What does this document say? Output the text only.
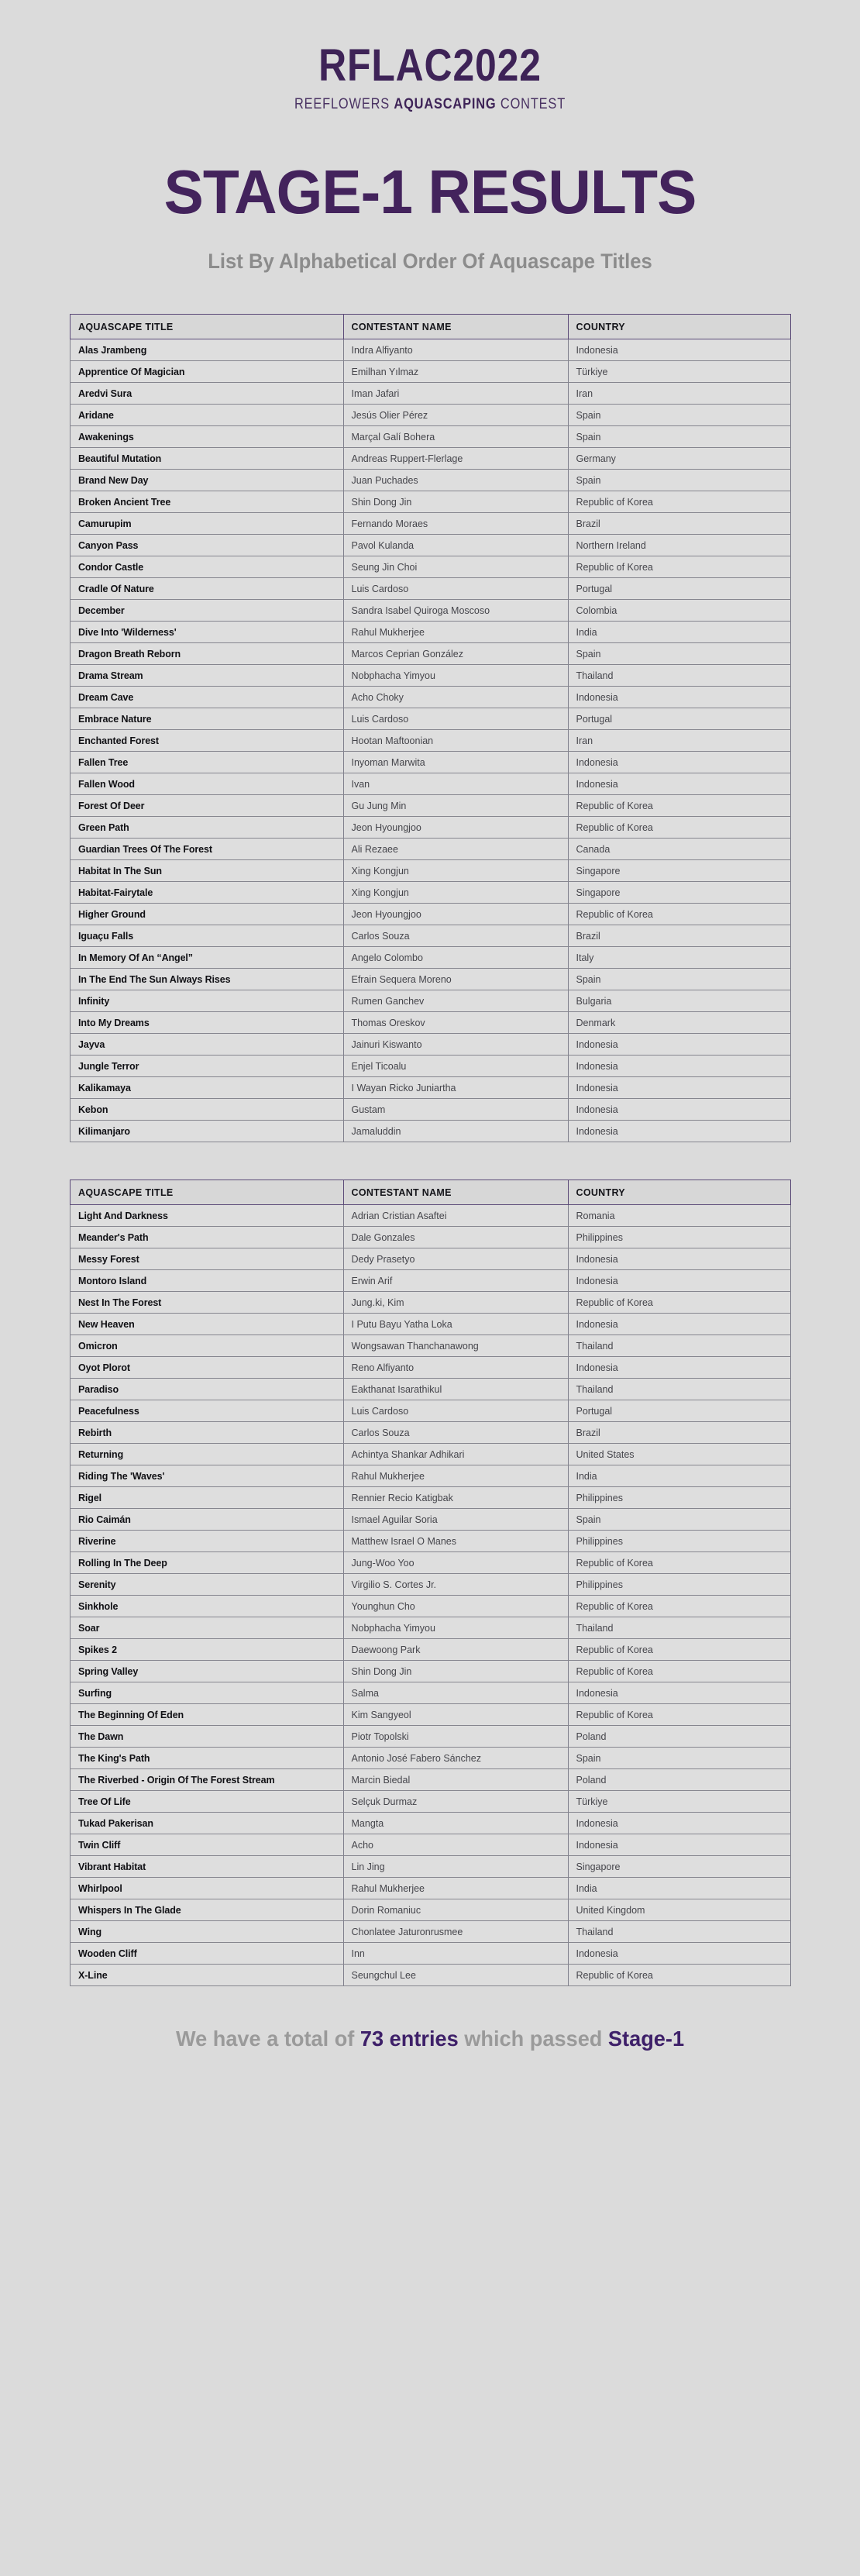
RFLAC2022
REEFLOWERS AQUASCAPING CONTEST
STAGE-1 RESULTS
List By Alphabetical Order Of Aquascape Titles
AQUASCAPE TITLE	CONTESTANT NAME	COUNTRY
Alas Jrambeng	Indra Alfiyanto	Indonesia
Apprentice Of Magician	Emilhan Yılmaz	Türkiye
Aredvi Sura	Iman Jafari	Iran
Aridane	Jesús Olier Pérez	Spain
Awakenings	Marçal Galí Bohera	Spain
Beautiful Mutation	Andreas Ruppert-Flerlage	Germany
Brand New Day	Juan Puchades	Spain
Broken Ancient Tree	Shin Dong Jin	Republic of Korea
Camurupim	Fernando Moraes	Brazil
Canyon Pass	Pavol Kulanda	Northern Ireland
Condor Castle	Seung Jin Choi	Republic of Korea
Cradle Of Nature	Luis Cardoso	Portugal
December	Sandra Isabel Quiroga Moscoso	Colombia
Dive Into 'Wilderness'	Rahul Mukherjee	India
Dragon Breath Reborn	Marcos Ceprian González	Spain
Drama Stream	Nobphacha Yimyou	Thailand
Dream Cave	Acho Choky	Indonesia
Embrace Nature	Luis Cardoso	Portugal
Enchanted Forest	Hootan Maftoonian	Iran
Fallen Tree	Inyoman Marwita	Indonesia
Fallen Wood	Ivan	Indonesia
Forest Of Deer	Gu Jung Min	Republic of Korea
Green Path	Jeon Hyoungjoo	Republic of Korea
Guardian Trees Of The Forest	Ali Rezaee	Canada
Habitat In The Sun	Xing Kongjun	Singapore
Habitat-Fairytale	Xing Kongjun	Singapore
Higher Ground	Jeon Hyoungjoo	Republic of Korea
Iguaçu Falls	Carlos Souza	Brazil
In Memory Of An “Angel”	Angelo Colombo	Italy
In The End The Sun Always Rises	Efrain Sequera Moreno	Spain
Infinity	Rumen Ganchev	Bulgaria
Into My Dreams	Thomas Oreskov	Denmark
Jayva	Jainuri Kiswanto	Indonesia
Jungle Terror	Enjel Ticoalu	Indonesia
Kalikamaya	I Wayan Ricko Juniartha	Indonesia
Kebon	Gustam	Indonesia
Kilimanjaro	Jamaluddin	Indonesia
AQUASCAPE TITLE	CONTESTANT NAME	COUNTRY
Light And Darkness	Adrian Cristian Asaftei	Romania
Meander's Path	Dale Gonzales	Philippines
Messy Forest	Dedy Prasetyo	Indonesia
Montoro Island	Erwin Arif	Indonesia
Nest In The Forest	Jung.ki, Kim	Republic of Korea
New Heaven	I Putu Bayu Yatha Loka	Indonesia
Omicron	Wongsawan Thanchanawong	Thailand
Oyot Plorot	Reno Alfiyanto	Indonesia
Paradiso	Eakthanat Isarathikul	Thailand
Peacefulness	Luis Cardoso	Portugal
Rebirth	Carlos Souza	Brazil
Returning	Achintya Shankar Adhikari	United States
Riding The 'Waves'	Rahul Mukherjee	India
Rigel	Rennier Recio Katigbak	Philippines
Rio Caimán	Ismael Aguilar Soria	Spain
Riverine	Matthew Israel O Manes	Philippines
Rolling In The Deep	Jung-Woo Yoo	Republic of Korea
Serenity	Virgilio S. Cortes Jr.	Philippines
Sinkhole	Younghun Cho	Republic of Korea
Soar	Nobphacha Yimyou	Thailand
Spikes 2	Daewoong Park	Republic of Korea
Spring Valley	Shin Dong Jin	Republic of Korea
Surfing	Salma	Indonesia
The Beginning Of Eden	Kim Sangyeol	Republic of Korea
The Dawn	Piotr Topolski	Poland
The King's Path	Antonio José Fabero Sánchez	Spain
The Riverbed - Origin Of The Forest Stream	Marcin Biedal	Poland
Tree Of Life	Selçuk Durmaz	Türkiye
Tukad Pakerisan	Mangta	Indonesia
Twin Cliff	Acho	Indonesia
Vibrant Habitat	Lin Jing	Singapore
Whirlpool	Rahul Mukherjee	India
Whispers In The Glade	Dorin Romaniuc	United Kingdom
Wing	Chonlatee Jaturonrusmee	Thailand
Wooden Cliff	Inn	Indonesia
X-Line	Seungchul Lee	Republic of Korea
We have a total of 73 entries which passed Stage-1
